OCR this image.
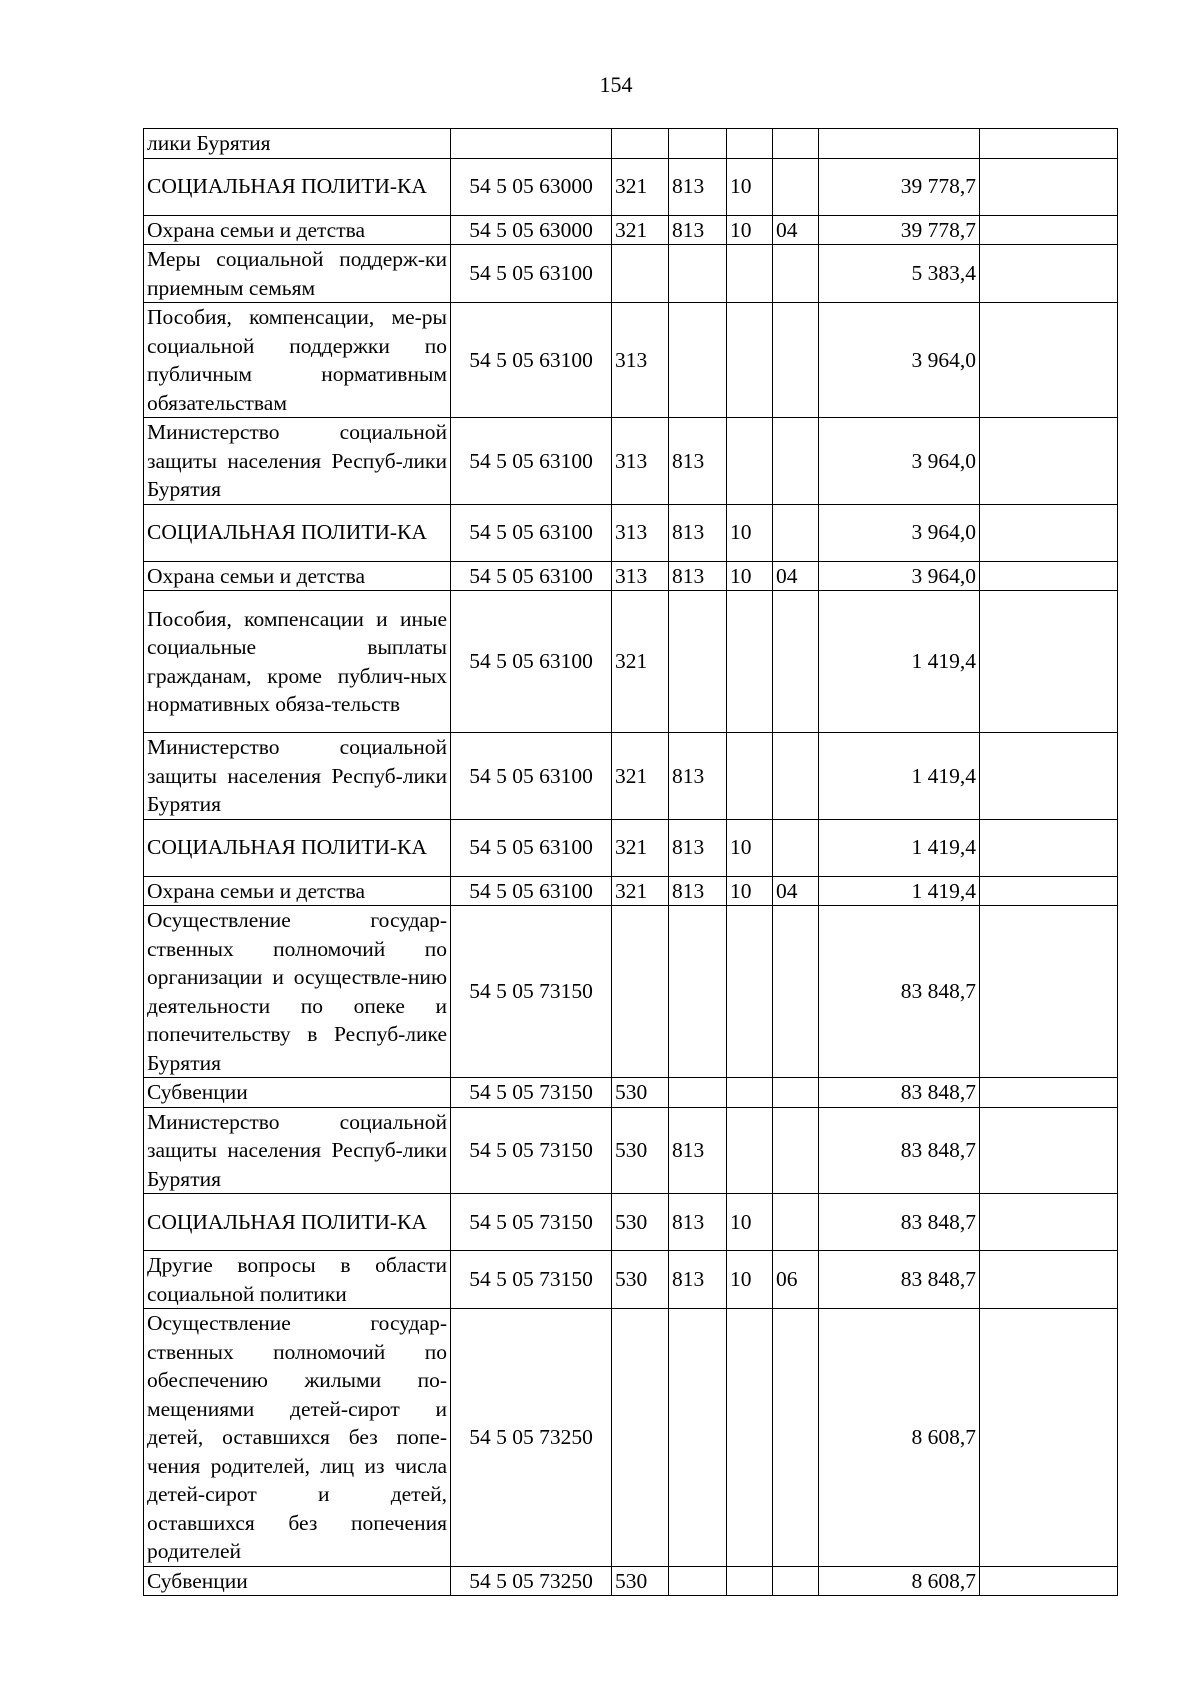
154
лики Бурятия							
СОЦИАЛЬНАЯ ПОЛИТИ-КА	54 5 05 63000	321	813	10		39 778,7	
Охрана семьи и детства	54 5 05 63000	321	813	10	04	39 778,7	
Меры социальной поддерж-ки приемным семьям	54 5 05 63100					5 383,4	
Пособия, компенсации, ме-ры социальной поддержки по публичным нормативным обязательствам	54 5 05 63100	313				3 964,0	
Министерство социальной защиты населения Респуб-лики Бурятия	54 5 05 63100	313	813			3 964,0	
СОЦИАЛЬНАЯ ПОЛИТИ-КА	54 5 05 63100	313	813	10		3 964,0	
Охрана семьи и детства	54 5 05 63100	313	813	10	04	3 964,0	
Пособия, компенсации и иные социальные выплаты гражданам, кроме публич-ных нормативных обяза-тельств	54 5 05 63100	321				1 419,4	
Министерство социальной защиты населения Респуб-лики Бурятия	54 5 05 63100	321	813			1 419,4	
СОЦИАЛЬНАЯ ПОЛИТИ-КА	54 5 05 63100	321	813	10		1 419,4	
Охрана семьи и детства	54 5 05 63100	321	813	10	04	1 419,4	
Осуществление государ-ственных полномочий по организации и осуществле-нию деятельности по опеке и попечительству в Респуб-лике Бурятия	54 5 05 73150					83 848,7	
Субвенции	54 5 05 73150	530				83 848,7	
Министерство социальной защиты населения Респуб-лики Бурятия	54 5 05 73150	530	813			83 848,7	
СОЦИАЛЬНАЯ ПОЛИТИ-КА	54 5 05 73150	530	813	10		83 848,7	
Другие вопросы в области социальной политики	54 5 05 73150	530	813	10	06	83 848,7	
Осуществление государ-ственных полномочий по обеспечению жилыми по-мещениями детей-сирот и детей, оставшихся без попе-чения родителей, лиц из числа детей-сирот и детей, оставшихся без попечения родителей	54 5 05 73250					8 608,7	
Субвенции	54 5 05 73250	530				8 608,7	
